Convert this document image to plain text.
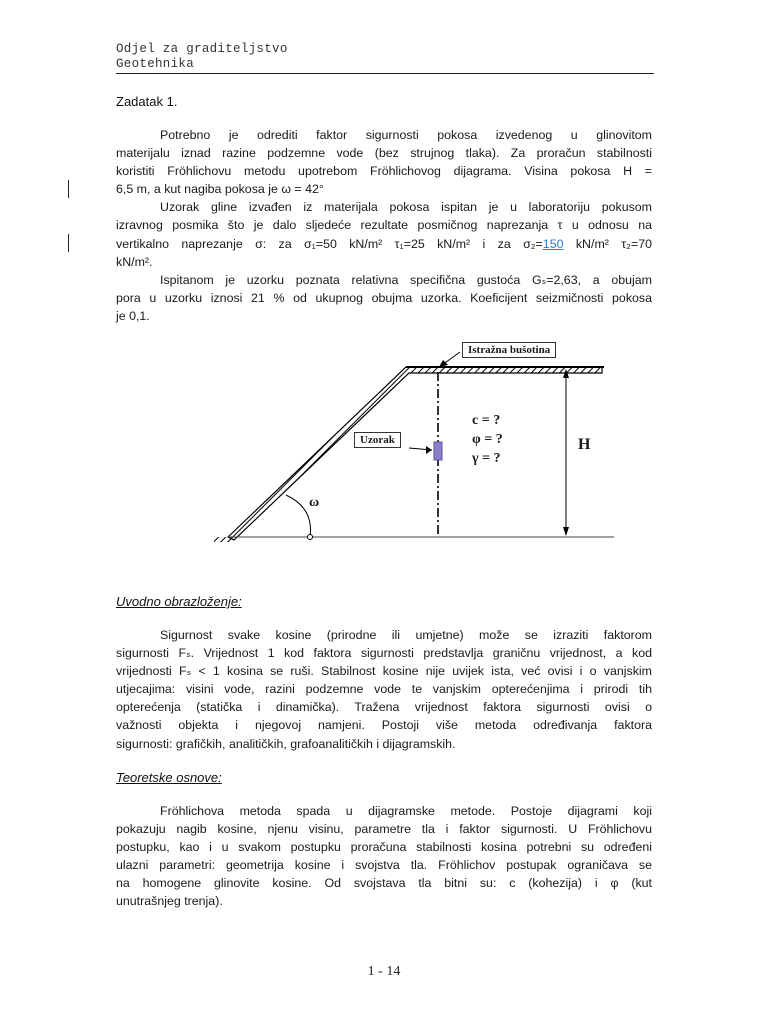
Odjel za graditeljstvo
Geotehnika
Zadatak 1.
Potrebno je odrediti faktor sigurnosti pokosa izvedenog u glinovitom
materijalu iznad razine podzemne vode (bez strujnog tlaka). Za proračun stabilnosti
koristiti Fröhlichovu metodu upotrebom Fröhlichovog dijagrama. Visina pokosa H =
6,5 m, a kut nagiba pokosa je ω = 42°
Uzorak gline izvađen iz materijala pokosa ispitan je u laboratoriju pokusom
izravnog posmika što je dalo sljedeće rezultate posmičnog naprezanja τ u odnosu na
vertikalno naprezanje σ: za σ₁=50 kN/m² τ₁=25 kN/m² i za σ₂=150 kN/m² τ₂=70
kN/m².
Ispitanom je uzorku poznata relativna specifična gustoća Gₛ=2,63, a obujam
pora u uzorku iznosi 21 % od ukupnog obujma uzorka. Koeficijent seizmičnosti pokosa
je 0,1.
Istražna bušotina
Uzorak
c = ?
φ = ?
γ = ?
H
ω
Uvodno obrazloženje:
Sigurnost svake kosine (prirodne ili umjetne) može se izraziti faktorom
sigurnosti Fₛ. Vrijednost 1 kod faktora sigurnosti predstavlja graničnu vrijednost, a kod
vrijednosti Fₛ < 1 kosina se ruši. Stabilnost kosine nije uvijek ista, već ovisi i o vanjskim
utjecajima: visini vode, razini podzemne vode te vanjskim opterećenjima i prirodi tih
opterećenja (statička i dinamička). Tražena vrijednost faktora sigurnosti ovisi o
važnosti objekta i njegovoj namjeni. Postoji više metoda određivanja faktora
sigurnosti: grafičkih, analitičkih, grafoanalitičkih i dijagramskih.
Teoretske osnove:
Fröhlichova metoda spada u dijagramske metode. Postoje dijagrami koji
pokazuju nagib kosine, njenu visinu, parametre tla i faktor sigurnosti. U Fröhlichovu
postupku, kao i u svakom postupku proračuna stabilnosti kosina potrebni su određeni
ulazni parametri: geometrija kosine i svojstva tla. Fröhlichov postupak ograničava se
na homogene glinovite kosine. Od svojstava tla bitni su: c (kohezija) i φ (kut
unutrašnjeg trenja).
1 - 14
